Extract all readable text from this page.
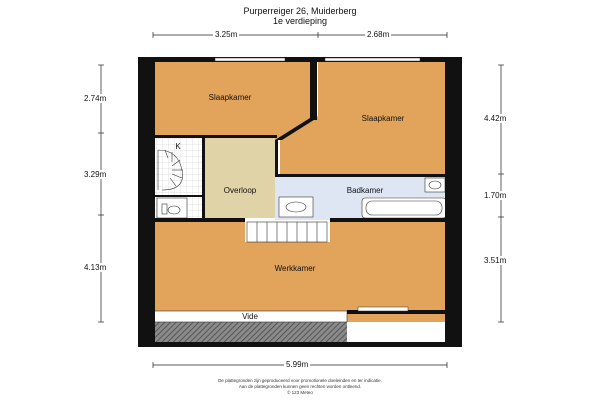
Purperreiger 26, Muiderberg
1e verdieping
3.25m	2.68m
5.99m
2.74m
3.29m
4.13m
4.42m
1.70m
3.51m
Slaapkamer
Slaapkamer
K
Overloop	Badkamer
Werkkamer
Vide
De plattegronden zijn geproduceerd voor promotionele doeleinden en ter indicatie.
Aan de plattegronden kunnen geen rechten worden ontleend.
© 123 Meteo
